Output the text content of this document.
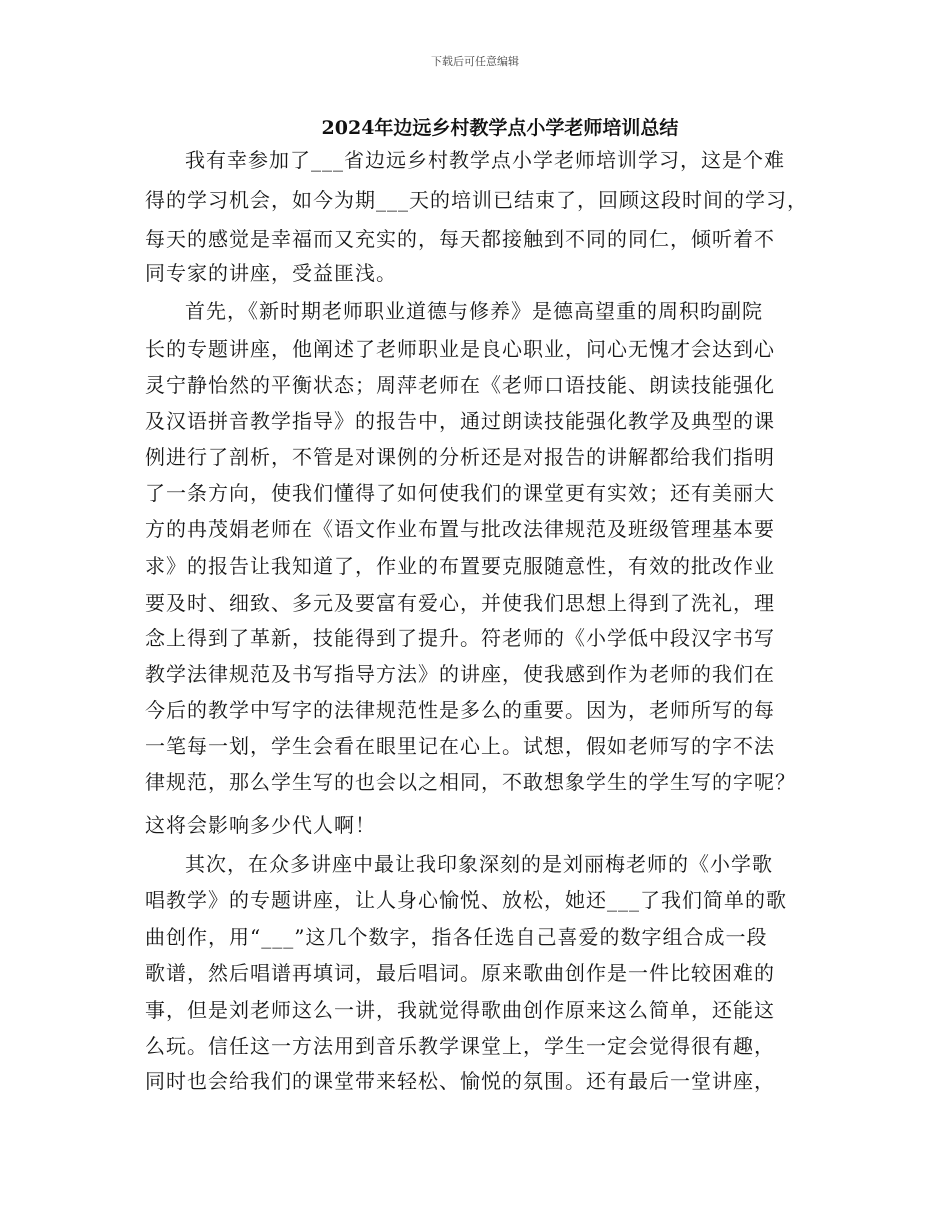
下载后可任意编辑
2024年边远乡村教学点小学老师培训总结
我有幸参加了___省边远乡村教学点小学老师培训学习，这是个难
得的学习机会，如今为期___天的培训已结束了，回顾这段时间的学习，
每天的感觉是幸福而又充实的，每天都接触到不同的同仁，倾听着不
同专家的讲座，受益匪浅。
首先，《新时期老师职业道德与修养》是德高望重的周积昀副院
长的专题讲座，他阐述了老师职业是良心职业，问心无愧才会达到心
灵宁静怡然的平衡状态；周萍老师在《老师口语技能、朗读技能强化
及汉语拼音教学指导》的报告中，通过朗读技能强化教学及典型的课
例进行了剖析，不管是对课例的分析还是对报告的讲解都给我们指明
了一条方向，使我们懂得了如何使我们的课堂更有实效；还有美丽大
方的冉茂娟老师在《语文作业布置与批改法律规范及班级管理基本要
求》的报告让我知道了，作业的布置要克服随意性，有效的批改作业
要及时、细致、多元及要富有爱心，并使我们思想上得到了洗礼，理
念上得到了革新，技能得到了提升。符老师的《小学低中段汉字书写
教学法律规范及书写指导方法》的讲座，使我感到作为老师的我们在
今后的教学中写字的法律规范性是多么的重要。因为，老师所写的每
一笔每一划，学生会看在眼里记在心上。试想，假如老师写的字不法
律规范，那么学生写的也会以之相同，不敢想象学生的学生写的字呢？
这将会影响多少代人啊！
其次，在众多讲座中最让我印象深刻的是刘丽梅老师的《小学歌
唱教学》的专题讲座，让人身心愉悦、放松，她还___了我们简单的歌
曲创作，用“___”这几个数字，指各任选自己喜爱的数字组合成一段
歌谱，然后唱谱再填词，最后唱词。原来歌曲创作是一件比较困难的
事，但是刘老师这么一讲，我就觉得歌曲创作原来这么简单，还能这
么玩。信任这一方法用到音乐教学课堂上，学生一定会觉得很有趣，
同时也会给我们的课堂带来轻松、愉悦的氛围。还有最后一堂讲座，
